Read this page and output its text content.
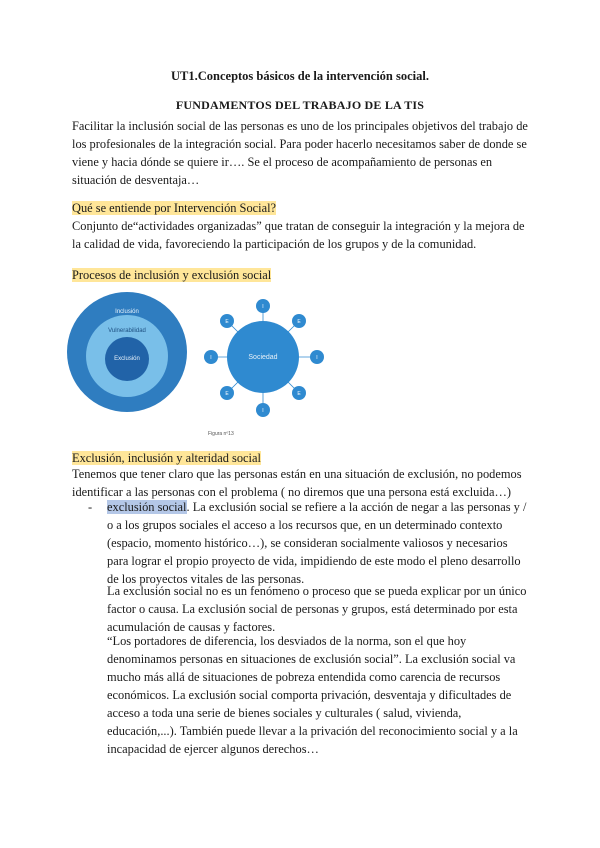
UT1.Conceptos básicos de la intervención social.
FUNDAMENTOS DEL TRABAJO DE LA TIS

Facilitar la inclusión social de las personas es uno de los principales objetivos del trabajo de los profesionales de la integración social. Para poder hacerlo necesitamos saber de donde se viene y hacia dónde se quiere ir…. Se el proceso de acompañamiento de personas en situación de desventaja…

Qué se entiende por Intervención Social?

Conjunto de“actividades organizadas” que tratan de conseguir la integración y la mejora de la calidad de vida, favoreciendo la participación de los grupos y de la comunidad.

Procesos de inclusión y exclusión social
Inclusión
Vulnerabilidad
Exclusión	Sociedad
I
E
I
E
I
E
I
E
Figura nº13
Exclusión, inclusión y alteridad social

Tenemos que tener claro que las personas están en una situación de exclusión, no podemos identificar a las personas con el problema ( no diremos que una persona está excluida…)

- exclusión social. La exclusión social se refiere a la acción de negar a las personas y / o a los grupos sociales el acceso a los recursos que, en un determinado contexto (espacio, momento histórico…), se consideran socialmente valiosos y necesarios para lograr el propio proyecto de vida, impidiendo de este modo el pleno desarrollo de los proyectos vitales de las personas.

La exclusión social no es un fenómeno o proceso que se pueda explicar por un único factor o causa. La exclusión social de personas y grupos, está determinado por esta acumulación de causas y factores.

“Los portadores de diferencia, los desviados de la norma, son el que hoy denominamos personas en situaciones de exclusión social”. La exclusión social va mucho más allá de situaciones de pobreza entendida como carencia de recursos económicos. La exclusión social comporta privación, desventaja y dificultades de acceso a toda una serie de bienes sociales y culturales ( salud, vivienda, educación,...). También puede llevar a la privación del reconocimiento social y a la incapacidad de ejercer algunos derechos…
